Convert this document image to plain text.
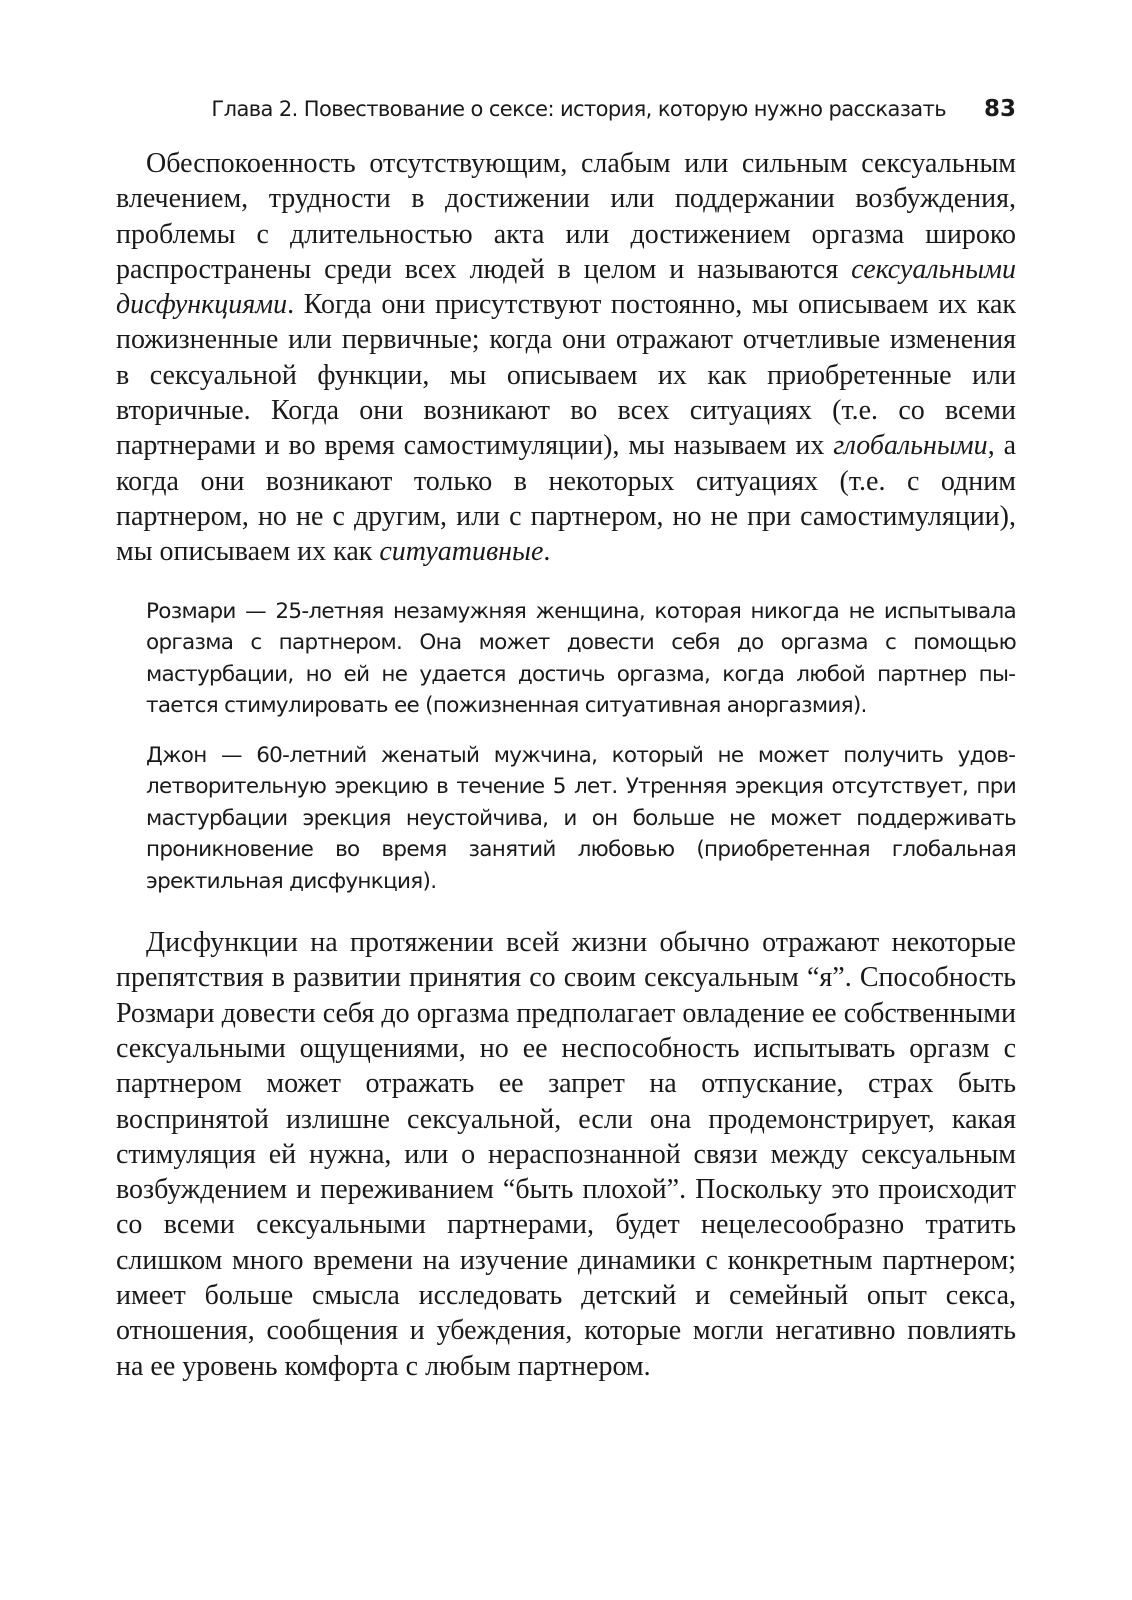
Глава 2. Повествование о сексе: история, которую нужно рассказать 83

Обеспокоенность отсутствующим, слабым или сильным сексуальным влечением, трудности в достижении или поддержании возбуждения, проблемы с длительностью акта или достижением оргазма широко распространены среди всех людей в целом и называются сексуальными дисфункциями. Когда они присутствуют постоянно, мы описываем их как пожизненные или первичные; когда они отражают отчетливые изменения в сексуальной функции, мы описываем их как приобретенные или вторичные. Когда они возникают во всех ситуациях (т.е. со всеми партнерами и во время самостимуляции), мы называем их глобальными, а когда они возникают только в некоторых ситуациях (т.е. с одним партнером, но не с другим, или с партнером, но не при самостимуляции), мы описываем их как ситуативные.

Розмари — 25-летняя незамужняя женщина, которая никогда не испытывала оргазма с партнером. Она может довести себя до оргазма с помощью мастурбации, но ей не удается достичь оргазма, когда любой партнер пытается стимулировать ее (пожизненная ситуативная аноргазмия).

Джон — 60-летний женатый мужчина, который не может получить удовлетворительную эрекцию в течение 5 лет. Утренняя эрекция отсутствует, при мастурбации эрекция неустойчива, и он больше не может поддерживать проникновение во время занятий любовью (приобретенная глобальная эректильная дисфункция).

Дисфункции на протяжении всей жизни обычно отражают некоторые препятствия в развитии принятия со своим сексуальным “я”. Способность Розмари довести себя до оргазма предполагает овладение ее собственными сексуальными ощущениями, но ее неспособность испытывать оргазм с партнером может отражать ее запрет на отпускание, страх быть воспринятой излишне сексуальной, если она продемонстрирует, какая стимуляция ей нужна, или о нераспознанной связи между сексуальным возбуждением и переживанием “быть плохой”. Поскольку это происходит со всеми сексуальными партнерами, будет нецелесообразно тратить слишком много времени на изучение динамики с конкретным партнером; имеет больше смысла исследовать детский и семейный опыт секса, отношения, сообщения и убеждения, которые могли негативно повлиять на ее уровень комфорта с любым партнером.
